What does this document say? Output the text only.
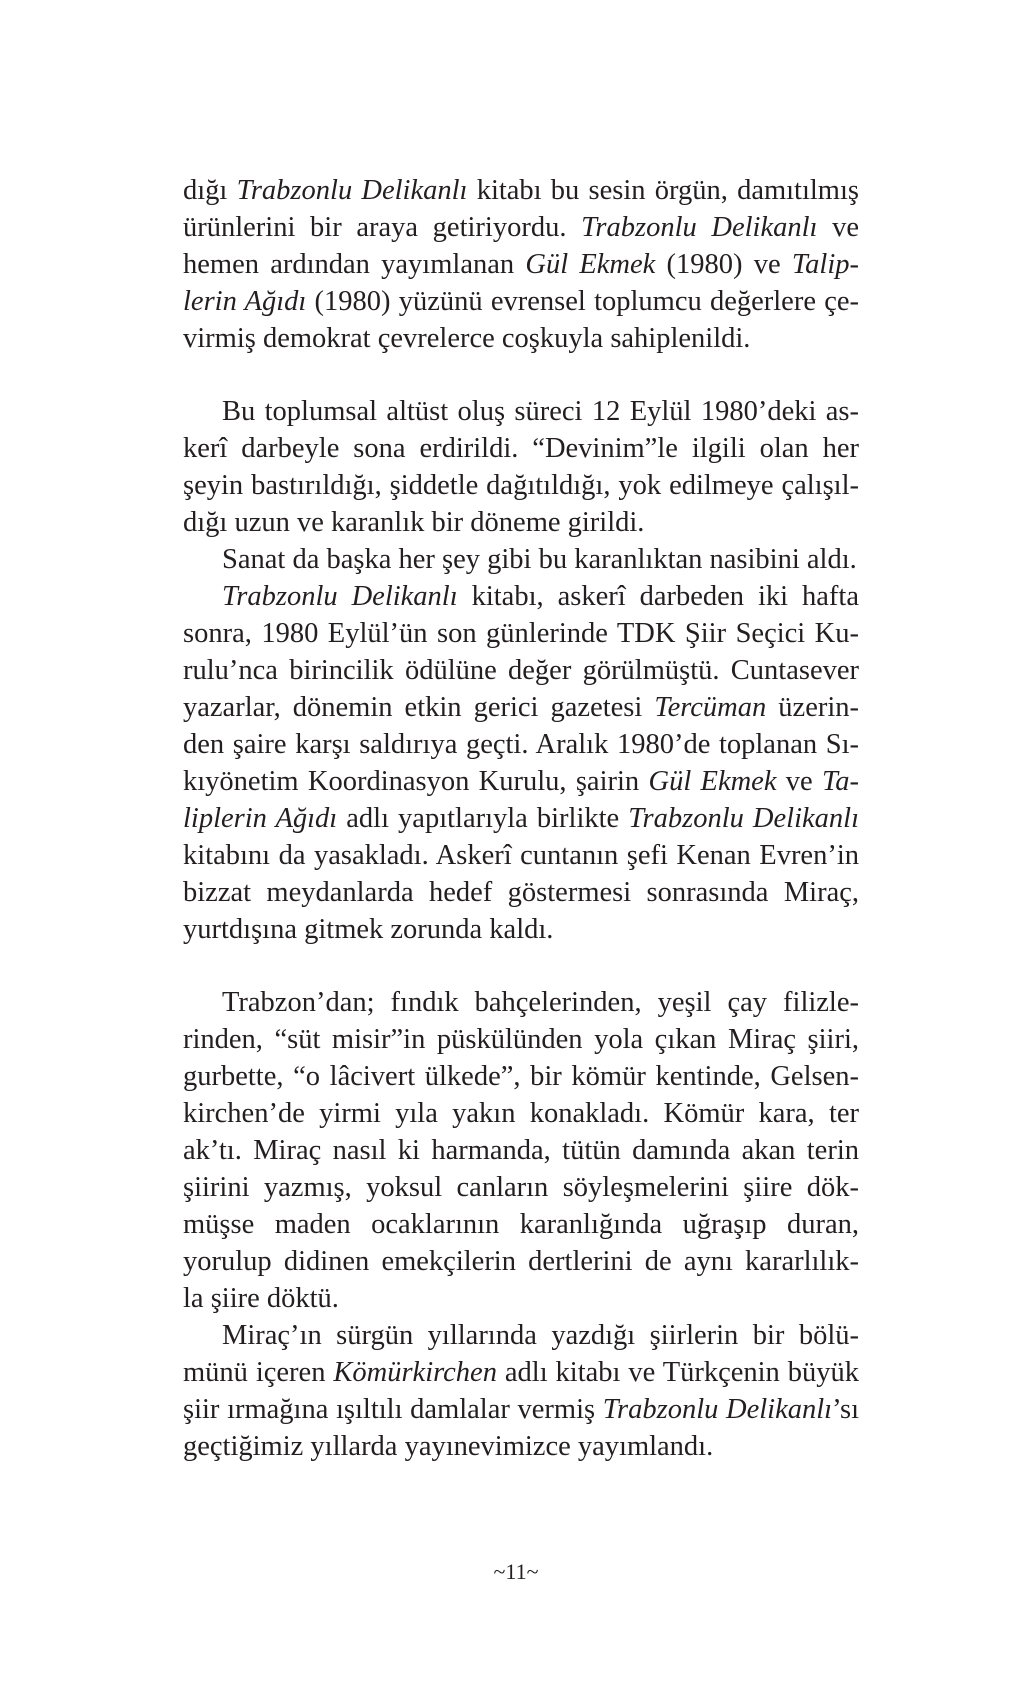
dığı Trabzonlu Delikanlı kitabı bu sesin örgün, damıtılmış
ürünlerini bir araya getiriyordu. Trabzonlu Delikanlı ve
hemen ardından yayımlanan Gül Ekmek (1980) ve Talip-
lerin Ağıdı (1980) yüzünü evrensel toplumcu değerlere çe-
virmiş demokrat çevrelerce coşkuyla sahiplenildi.
Bu toplumsal altüst oluş süreci 12 Eylül 1980’deki as-
kerî darbeyle sona erdirildi. “Devinim”le ilgili olan her
şeyin bastırıldığı, şiddetle dağıtıldığı, yok edilmeye çalışıl-
dığı uzun ve karanlık bir döneme girildi.
Sanat da başka her şey gibi bu karanlıktan nasibini aldı.
Trabzonlu Delikanlı kitabı, askerî darbeden iki hafta
sonra, 1980 Eylül’ün son günlerinde TDK Şiir Seçici Ku-
rulu’nca birincilik ödülüne değer görülmüştü. Cuntasever
yazarlar, dönemin etkin gerici gazetesi Tercüman üzerin-
den şaire karşı saldırıya geçti. Aralık 1980’de toplanan Sı-
kıyönetim Koordinasyon Kurulu, şairin Gül Ekmek ve Ta-
liplerin Ağıdı adlı yapıtlarıyla birlikte Trabzonlu Delikanlı
kitabını da yasakladı. Askerî cuntanın şefi Kenan Evren’in
bizzat meydanlarda hedef göstermesi sonrasında Miraç,
yurtdışına gitmek zorunda kaldı.
Trabzon’dan; fındık bahçelerinden, yeşil çay filizle-
rinden, “süt misir”in püskülünden yola çıkan Miraç şiiri,
gurbette, “o lâcivert ülkede”, bir kömür kentinde, Gelsen-
kirchen’de yirmi yıla yakın konakladı. Kömür kara, ter
ak’tı. Miraç nasıl ki harmanda, tütün damında akan terin
şiirini yazmış, yoksul canların söyleşmelerini şiire dök-
müşse maden ocaklarının karanlığında uğraşıp duran,
yorulup didinen emekçilerin dertlerini de aynı kararlılık-
la şiire döktü.
Miraç’ın sürgün yıllarında yazdığı şiirlerin bir bölü-
münü içeren Kömürkirchen adlı kitabı ve Türkçenin büyük
şiir ırmağına ışıltılı damlalar vermiş Trabzonlu Delikanlı’sı
geçtiğimiz yıllarda yayınevimizce yayımlandı.
~11~
